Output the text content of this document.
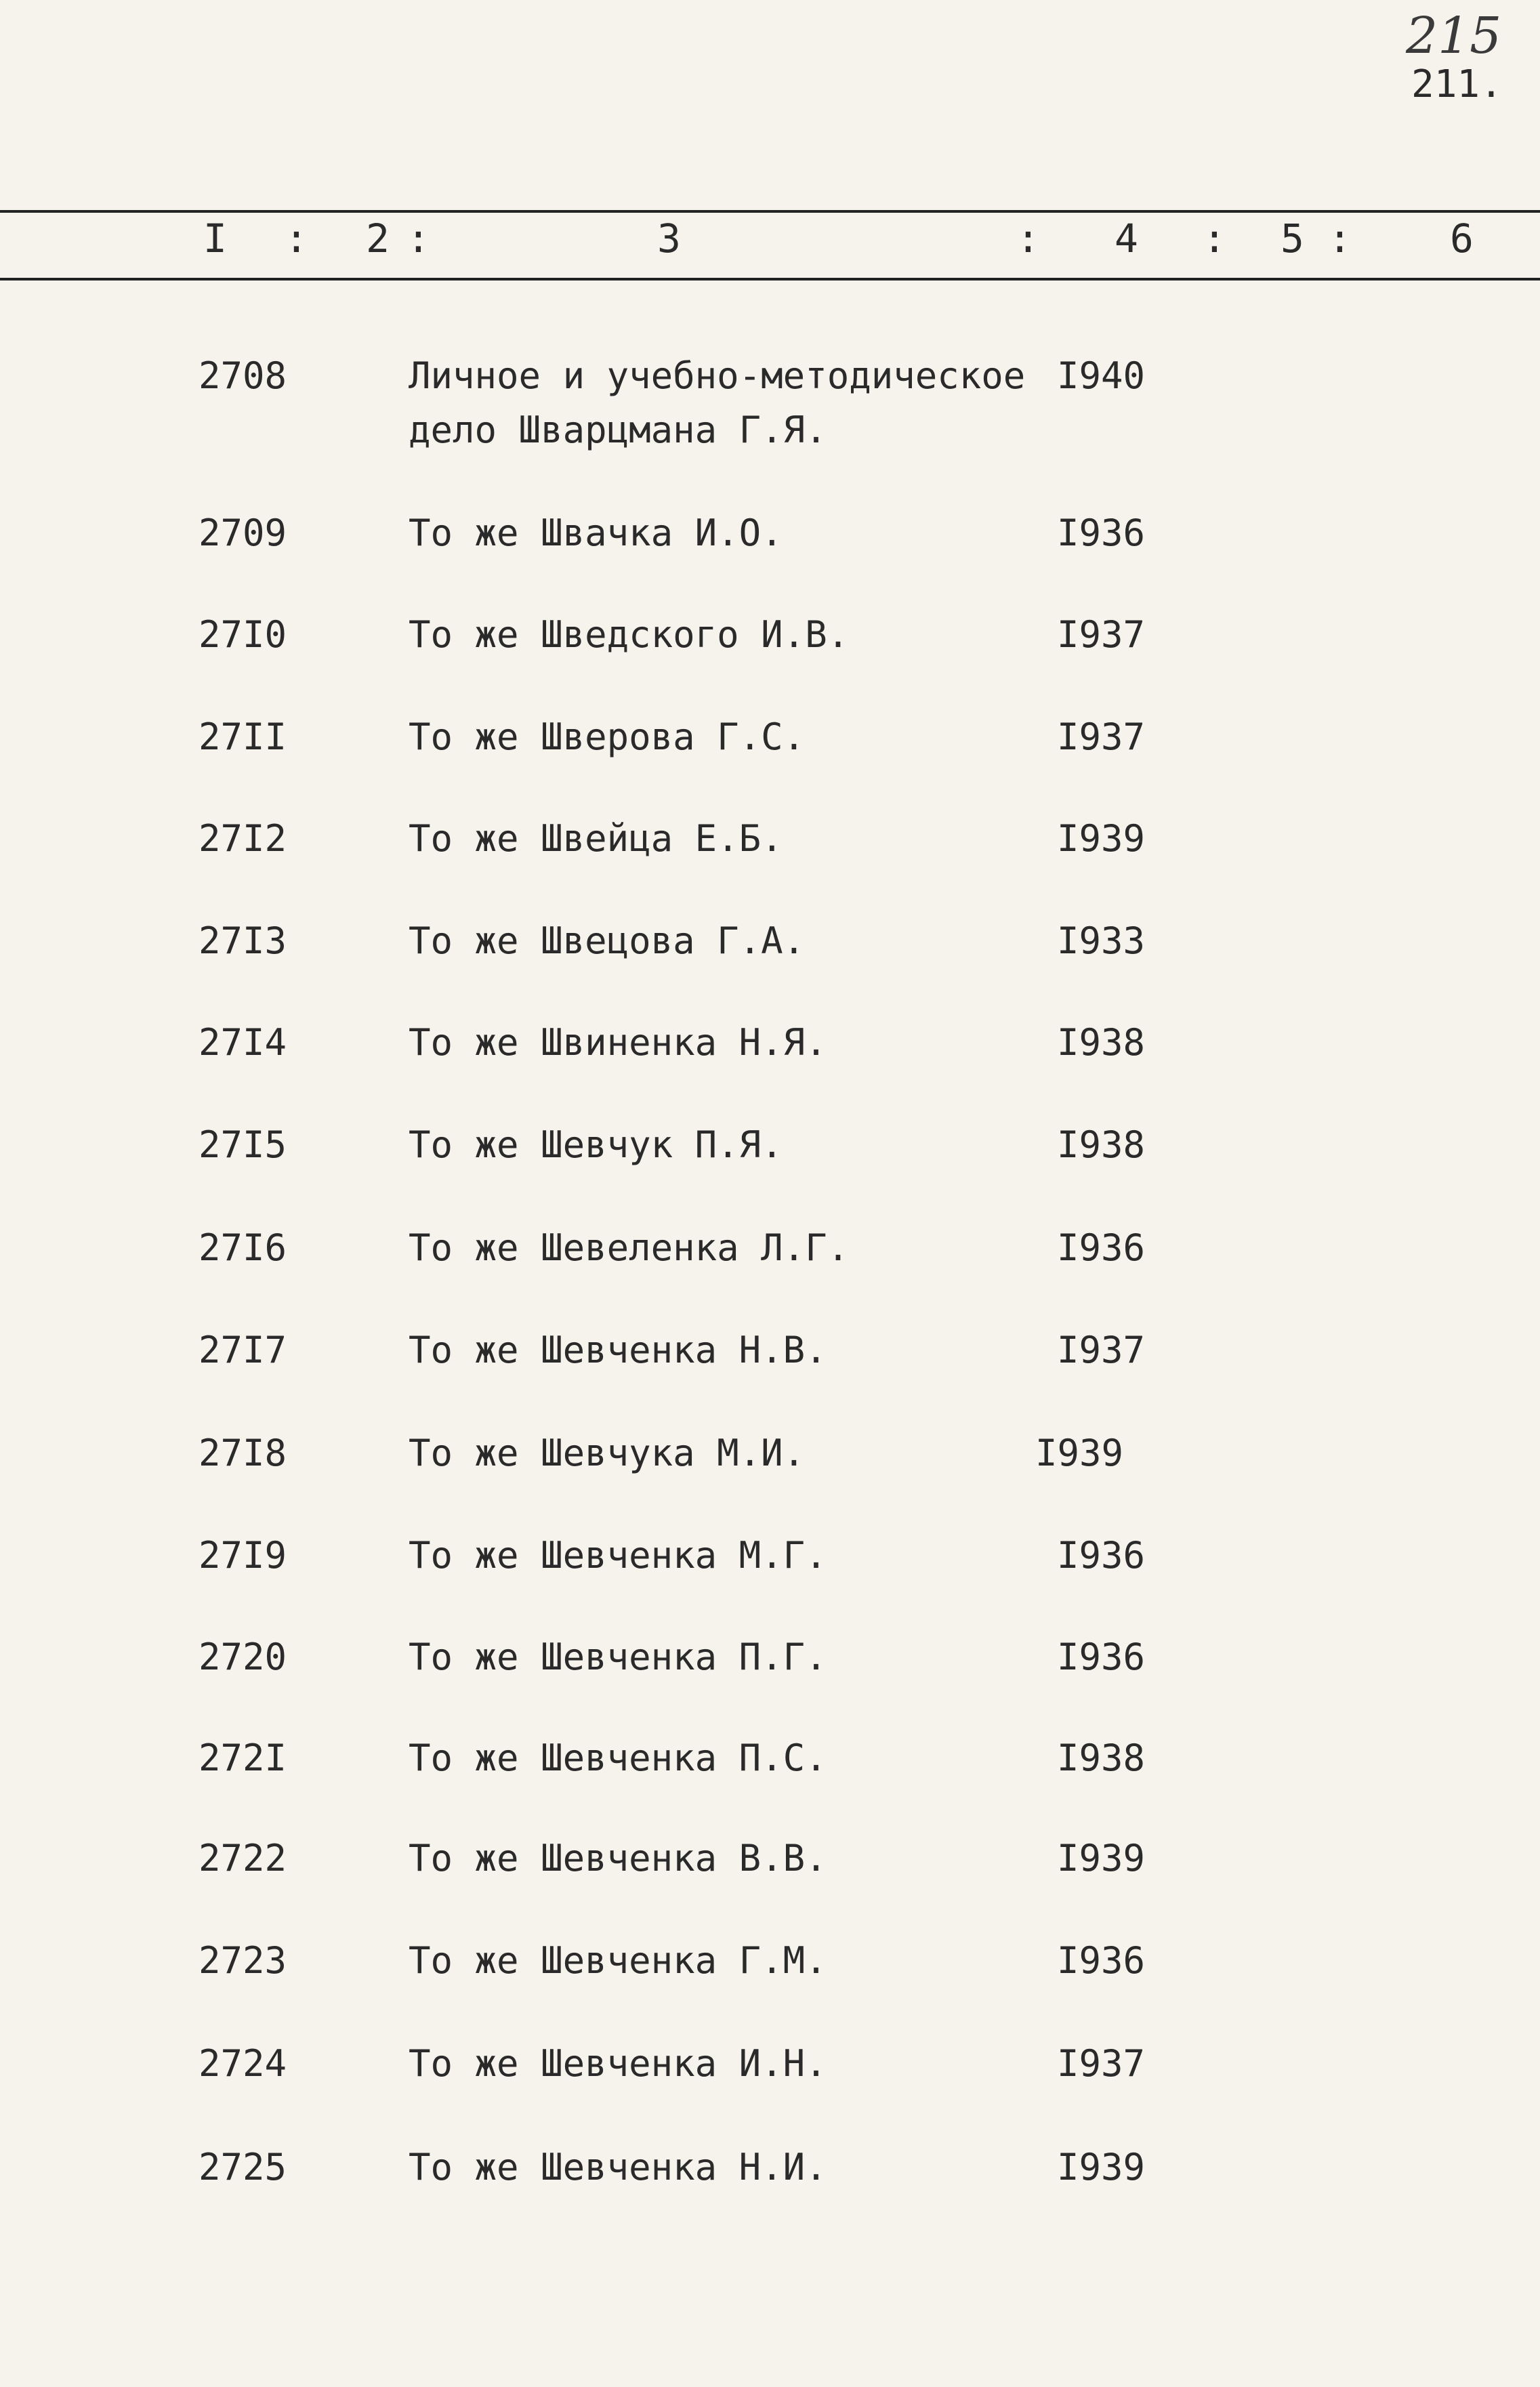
215
211.
I : 2 :	3	: 4 : 5 :	6
2708	Личное и учебно-методическое I940
дело Шварцмана Г.Я.
2709	То же Швачка И.О.	I936
27I0	То же Шведского И.В.	I937
27II	То же Шверова Г.С.	I937
27I2	То же Швейца Е.Б.	I939
27I3	То же Швецова Г.А.	I933
27I4	То же Швиненка Н.Я.	I938
27I5	То же Шевчук П.Я.	I938
27I6	То же Шевеленка Л.Г.	I936
27I7	То же Шевченка Н.В.	I937
27I8	То же Шевчука М.И.	I939
27I9	То же Шевченка М.Г.	I936
2720	То же Шевченка П.Г.	I936
272I	То же Шевченка П.С.	I938
2722	То же Шевченка В.В.	I939
2723	То же Шевченка Г.М.	I936
2724	То же Шевченка И.Н.	I937
2725	То же Шевченка Н.И.	I939
